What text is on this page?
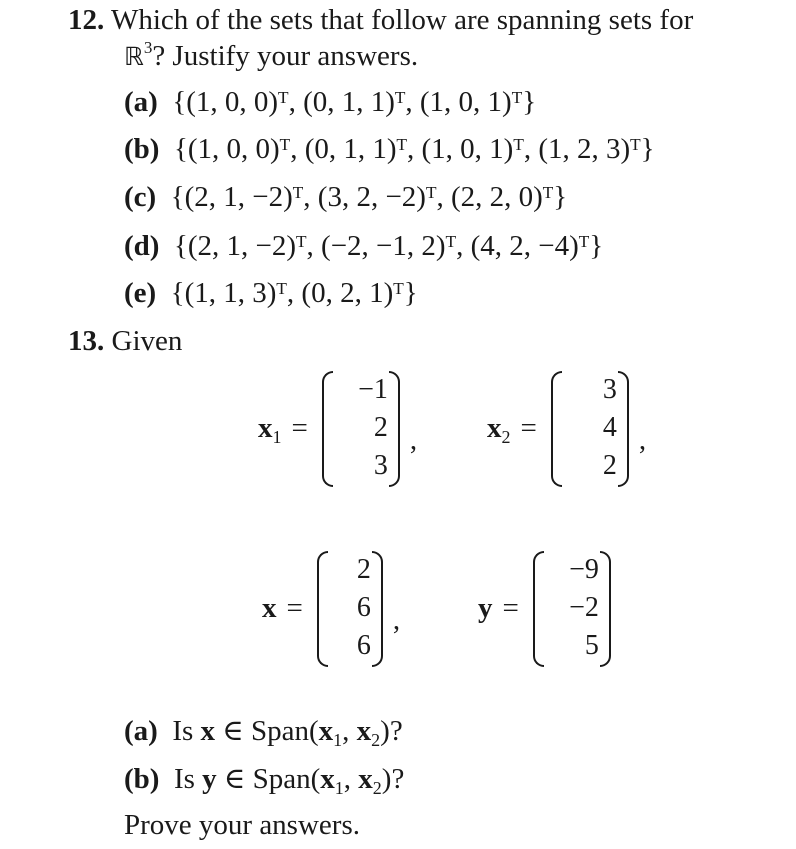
12. Which of the sets that follow are spanning sets for
ℝ$^3$? Justify your answers.
(a) {(1, 0, 0)ᵀ, (0, 1, 1)ᵀ, (1, 0, 1)ᵀ}
(b) {(1, 0, 0)ᵀ, (0, 1, 1)ᵀ, (1, 0, 1)ᵀ, (1, 2, 3)ᵀ}
(c) {(2, 1, −2)ᵀ, (3, 2, −2)ᵀ, (2, 2, 0)ᵀ}
(d) {(2, 1, −2)ᵀ, (−2, −1, 2)ᵀ, (4, 2, −4)ᵀ}
(e) {(1, 1, 3)ᵀ, (0, 2, 1)ᵀ}
13. Given
$x_1$ =
−1
2
3
, $x_2$ =
3
4
2
,
x =
2
6
6
,	y =
−9
−2
5
(a) Is x ∈ $Span(x_1$, $x_2$)?
(b) Is y ∈ $Span(x_1$, $x_2$)?
Prove your answers.
